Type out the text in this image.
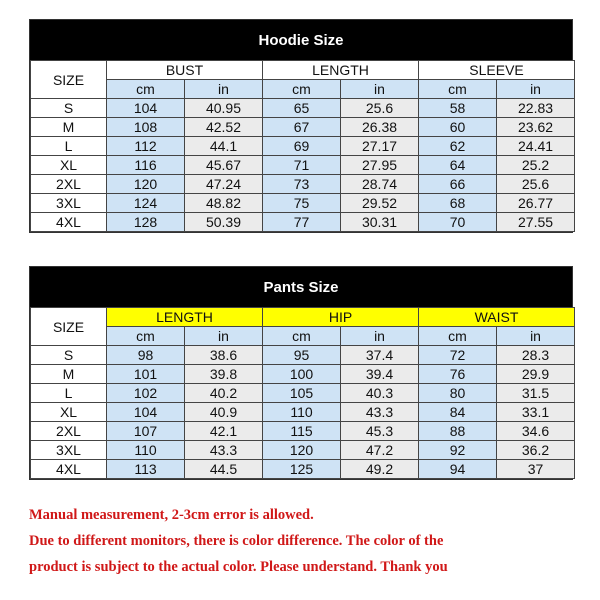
Hoodie Size
SIZE	BUST		LENGTH		SLEEVE	
	cm	in	cm	in	cm	in
S	104	40.95	65	25.6	58	22.83
M	108	42.52	67	26.38	60	23.62
L	112	44.1	69	27.17	62	24.41
XL	116	45.67	71	27.95	64	25.2
2XL	120	47.24	73	28.74	66	25.6
3XL	124	48.82	75	29.52	68	26.77
4XL	128	50.39	77	30.31	70	27.55
Pants Size
SIZE	LENGTH		HIP		WAIST	
	cm	in	cm	in	cm	in
S	98	38.6	95	37.4	72	28.3
M	101	39.8	100	39.4	76	29.9
L	102	40.2	105	40.3	80	31.5
XL	104	40.9	110	43.3	84	33.1
2XL	107	42.1	115	45.3	88	34.6
3XL	110	43.3	120	47.2	92	36.2
4XL	113	44.5	125	49.2	94	37
Manual measurement, 2-3cm error is allowed.
Due to different monitors, there is color difference. The color of the
product is subject to the actual color. Please understand. Thank you
